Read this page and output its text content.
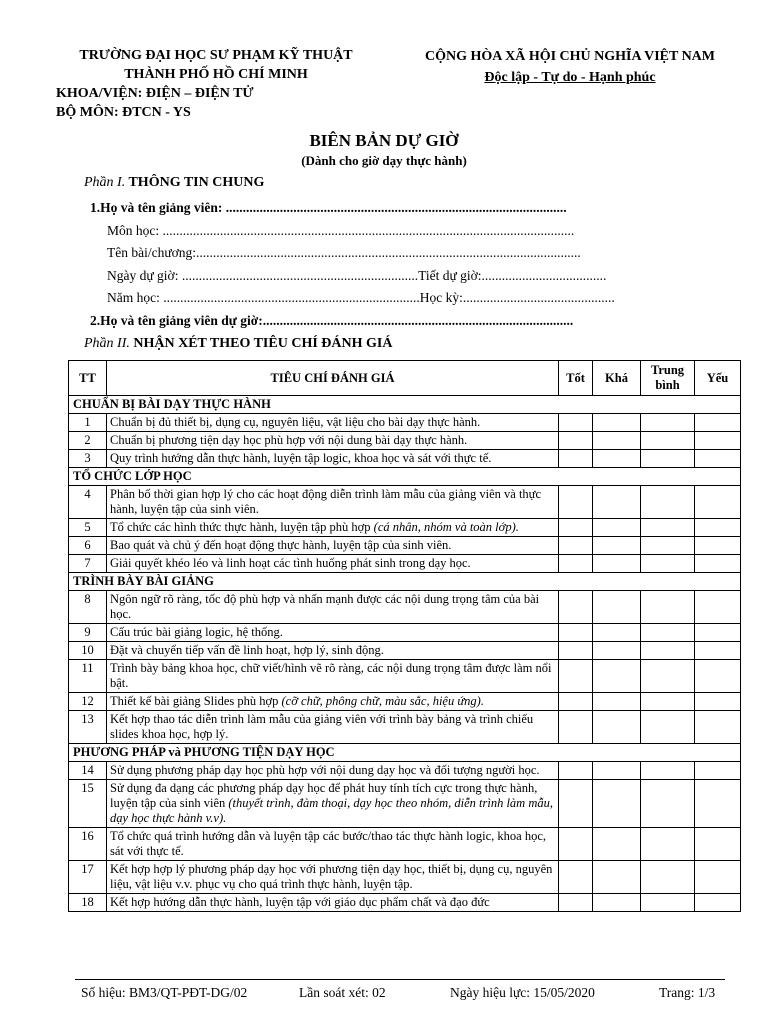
TRƯỜNG ĐẠI HỌC SƯ PHẠM KỸ THUẬT
THÀNH PHỐ HỒ CHÍ MINH
KHOA/VIỆN: ĐIỆN – ĐIỆN TỬ
BỘ MÔN: ĐTCN - YS
CỘNG HÒA XÃ HỘI CHỦ NGHĨA VIỆT NAM
Độc lập - Tự do - Hạnh phúc
BIÊN BẢN DỰ GIỜ
(Dành cho giờ dạy thực hành)
Phần I. THÔNG TIN CHUNG
1.Họ và tên giảng viên: .....................................................................................................
Môn học: ..........................................................................................................................
Tên bài/chương:..................................................................................................................
Ngày dự giờ: ......................................................................Tiết dự giờ:.....................................
Năm học: ............................................................................Học kỳ:.............................................
2.Họ và tên giảng viên dự giờ:............................................................................................
Phần II. NHẬN XÉT THEO TIÊU CHÍ ĐÁNH GIÁ
TT	TIÊU CHÍ ĐÁNH GIÁ	Tốt	Khá	Trung bình	Yếu
CHUẨN BỊ BÀI DẠY THỰC HÀNH					
1	Chuẩn bị đủ thiết bị, dụng cụ, nguyên liệu, vật liệu cho bài dạy thực hành.				
2	Chuẩn bị phương tiện dạy học phù hợp với nội dung bài dạy thực hành.				
3	Quy trình hướng dẫn thực hành, luyện tập logic, khoa học và sát với thực tế.				
TỔ CHỨC LỚP HỌC					
4	Phân bố thời gian hợp lý cho các hoạt động diễn trình làm mẫu của giảng viên và thực hành, luyện tập của sinh viên.				
5	Tổ chức các hình thức thực hành, luyện tập phù hợp (cá nhân, nhóm và toàn lớp).				
6	Bao quát và chủ ý đến hoạt động thực hành, luyện tập của sinh viên.				
7	Giải quyết khéo léo và linh hoạt các tình huống phát sinh trong dạy học.				
TRÌNH BÀY BÀI GIẢNG					
8	Ngôn ngữ rõ ràng, tốc độ phù hợp và nhấn mạnh được các nội dung trọng tâm của bài học.				
9	Cấu trúc bài giảng logic, hệ thống.				
10	Đặt và chuyển tiếp vấn đề linh hoạt, hợp lý, sinh động.				
11	Trình bày bảng khoa học, chữ viết/hình vẽ rõ ràng, các nội dung trọng tâm được làm nổi bật.				
12	Thiết kế bài giảng Slides phù hợp (cỡ chữ, phông chữ, màu sắc, hiệu ứng).				
13	Kết hợp thao tác diễn trình làm mẫu của giảng viên với trình bày bảng và trình chiếu slides khoa học, hợp lý.				
PHƯƠNG PHÁP và PHƯƠNG TIỆN DẠY HỌC					
14	Sử dụng phương pháp dạy học phù hợp với nội dung dạy học và đối tượng người học.				
15	Sử dụng đa dạng các phương pháp dạy học để phát huy tính tích cực trong thực hành, luyện tập của sinh viên (thuyết trình, đàm thoại, dạy học theo nhóm, diễn trình làm mẫu, dạy học thực hành v.v).				
16	Tổ chức quá trình hướng dẫn và luyện tập các bước/thao tác thực hành logic, khoa học, sát với thực tế.				
17	Kết hợp hợp lý phương pháp dạy học với phương tiện dạy học, thiết bị, dụng cụ, nguyên liệu, vật liệu v.v. phục vụ cho quá trình thực hành, luyện tập.				
18	Kết hợp hướng dẫn thực hành, luyện tập với giáo dục phẩm chất và đạo đức				
Số hiệu: BM3/QT-PĐT-DG/02	Lần soát xét: 02	Ngày hiệu lực: 15/05/2020	Trang: 1/3
